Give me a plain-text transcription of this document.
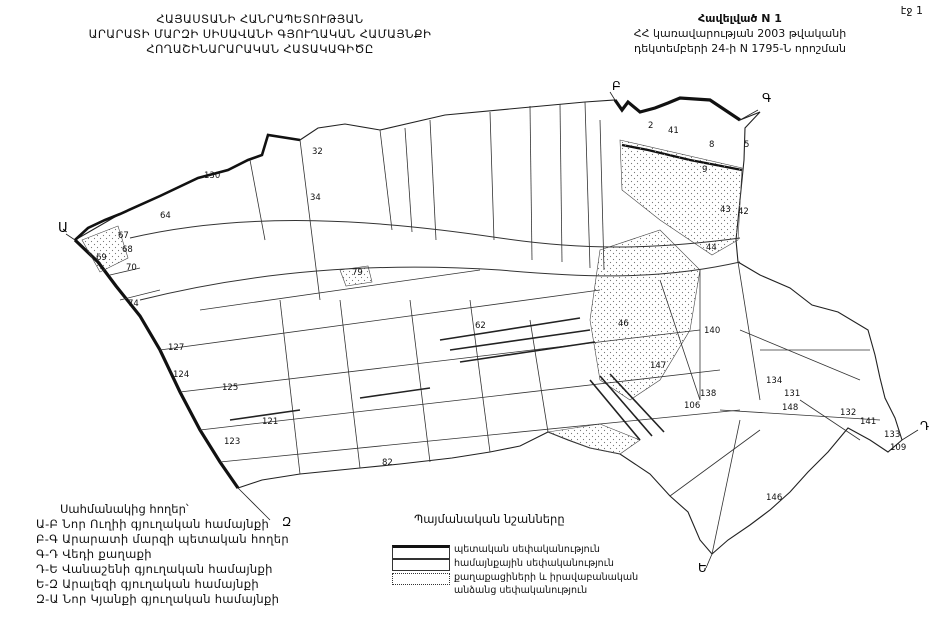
էջ 1
ՀԱՅԱՍՏԱՆԻ ՀԱՆՐԱՊԵՏՈՒԹՅԱՆ
ԱՐԱՐԱՏԻ ՄԱՐԶԻ ՍԻՍԱՎԱՆԻ ԳՅՈՒՂԱԿԱՆ ՀԱՄԱՅՆՔԻ
ՀՈՂԱՇԻՆԱՐԱՐԱԿԱՆ ՀԱՏԱԿԱԳԻԾԸ
Հավելված N 1
ՀՀ կառավարության 2003 թվականի
դեկտեմբերի 24-ի N 1795-Ն որոշման
Ա
Բ
Գ
Դ
Ե
Զ
2 41
8	5
9
32
130
34
43 42
64
67
68
69
70
44
79
74
62	46
140
127
147
124
125
134
131
138
106	148	132
141
121
133
123
109
82
146
Սահմանակից հողեր՝
Ա-Բ Նոր Ուղիի գյուղական համայնքի
Բ-Գ Արարատի մարզի պետական հողեր
Գ-Դ Վեդի քաղաքի
Դ-Ե Վանաշենի գյուղական համայնքի
Ե-Զ Արալեզի գյուղական համայնքի
Զ-Ա Նոր Կյանքի գյուղական համայնքի
Պայմանական նշանները
պետական սեփականություն
համայնքային սեփականություն
քաղաքացիների և իրավաբանական
անձանց սեփականություն
